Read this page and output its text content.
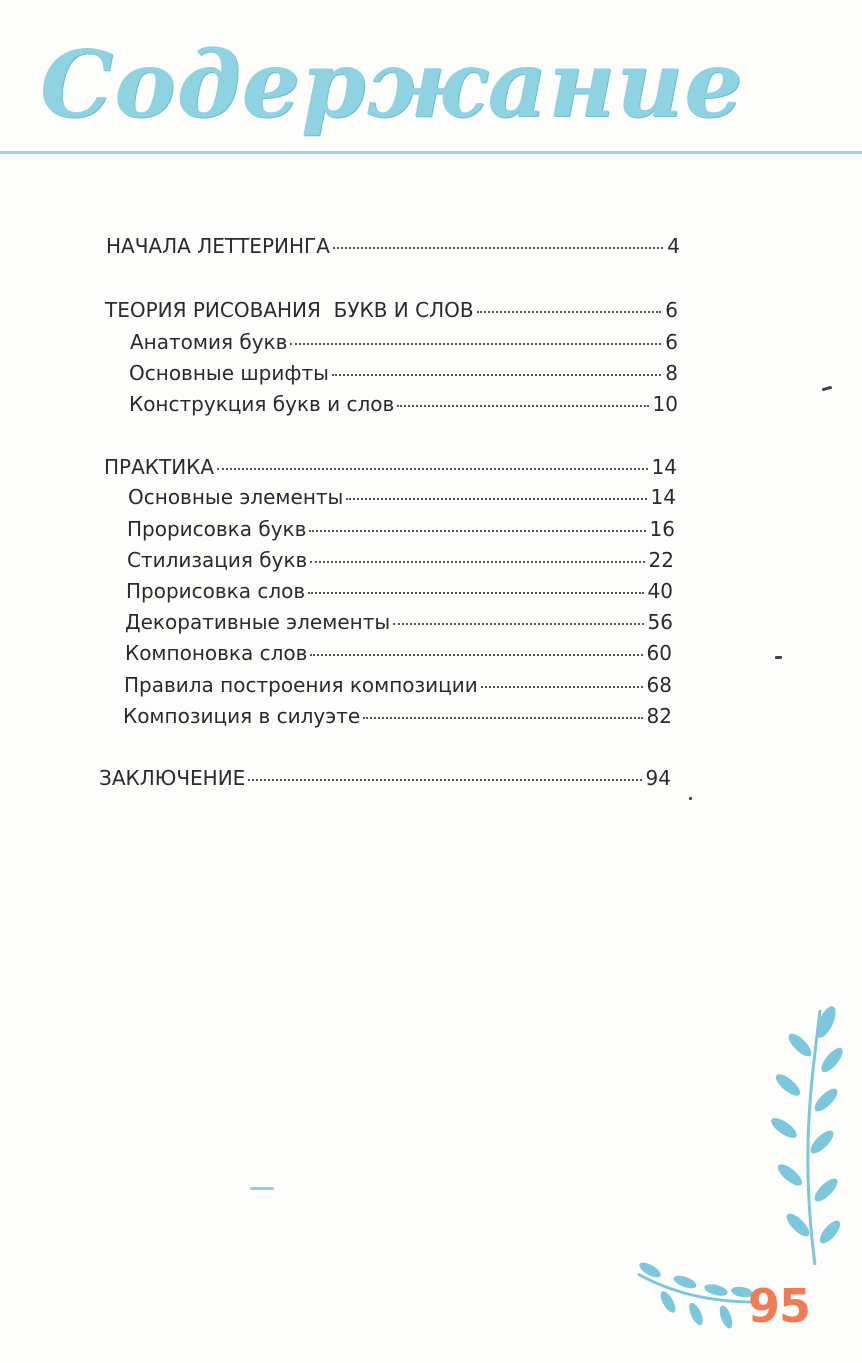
Содержание
НАЧАЛА ЛЕТТЕРИНГА	4
ТЕОРИЯ РИСОВАНИЯ  БУКВ И СЛОВ	6
Анатомия букв	6
Основные шрифты	8
Конструкция букв и слов	10
ПРАКТИКА	14
Основные элементы	14
Прорисовка букв	16
Стилизация букв	22
Прорисовка слов	40
Декоративные элементы	56
Компоновка слов	60
Правила построения композиции	68
Композиция в силуэте	82
ЗАКЛЮЧЕНИЕ	94
95
